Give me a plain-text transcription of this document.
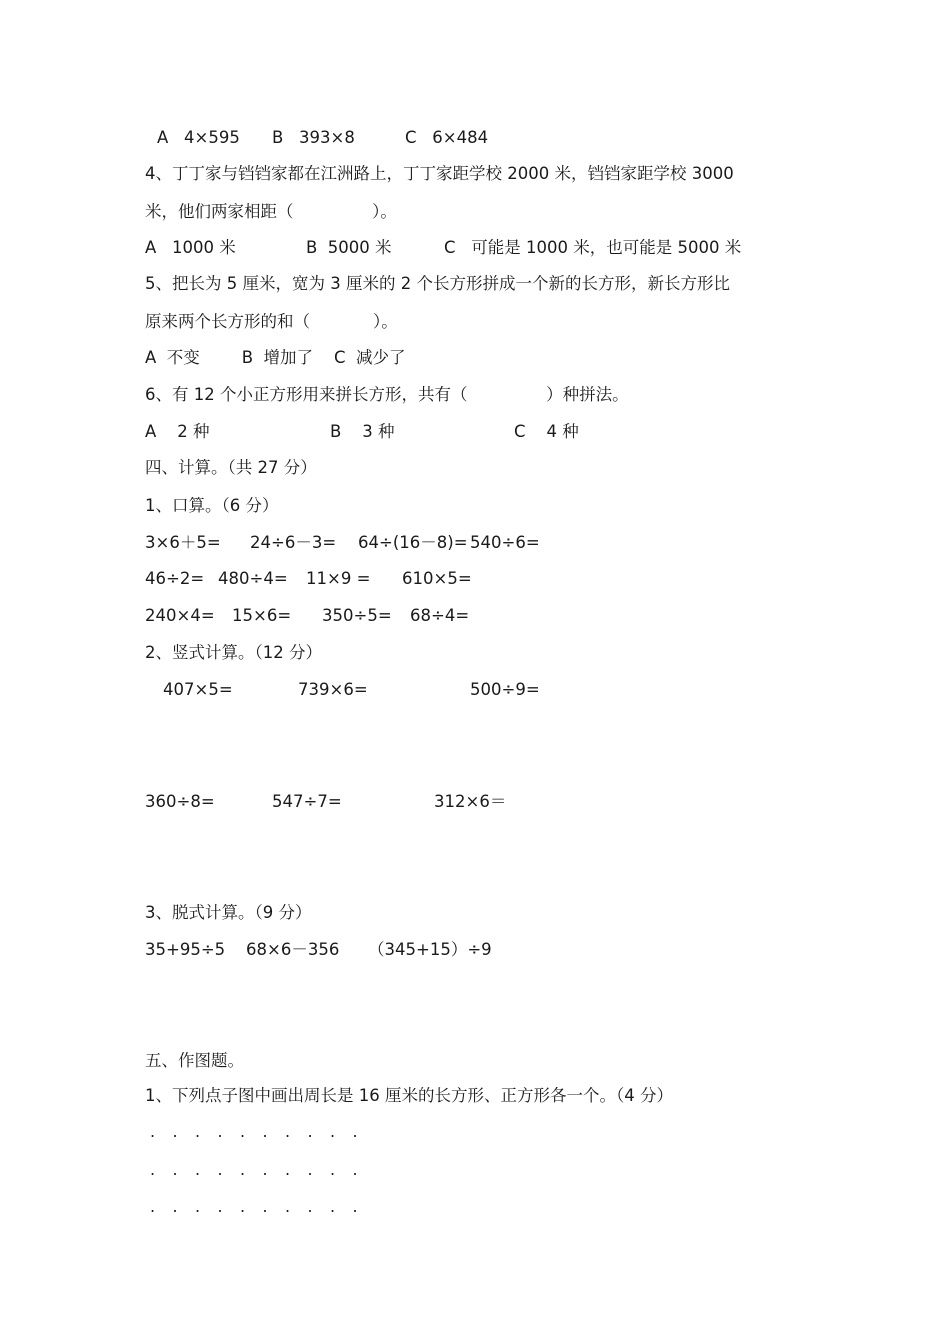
A   4×595 B   393×8	C   6×484
4、丁丁家与铛铛家都在江洲路上，丁丁家距学校 2000 米，铛铛家距学校 3000
米，他们两家相距（               ）。
A   1000 米	B  5000 米	C   可能是 1000 米，也可能是 5000 米
5、把长为 5 厘米，宽为 3 厘米的 2 个长方形拼成一个新的长方形，新长方形比
原来两个长方形的和（            ）。
A  不变        B  增加了    C  减少了
6、有 12 个小正方形用来拼长方形，共有（               ）种拼法。
A    2 种	B    3 种	C    4 种
四、计算。（共 27 分）
1、口算。（6 分）
3×6＋5= 24÷6－3= 64÷(16－8)= 540÷6=
46÷2= 480÷4= 11×9 = 610×5=
240×4= 15×6= 350÷5= 68÷4=
2、竖式计算。（12 分）
407×5=	739×6=	500÷9=
360÷8=	547÷7=	312×6＝
3、脱式计算。（9 分）
35+95÷5 68×6－356 （345+15）÷9
五、作图题。
1、下列点子图中画出周长是 16 厘米的长方形、正方形各一个。（4 分）
. . . . . . . . . .
. . . . . . . . . .
. . . . . . . . . .
